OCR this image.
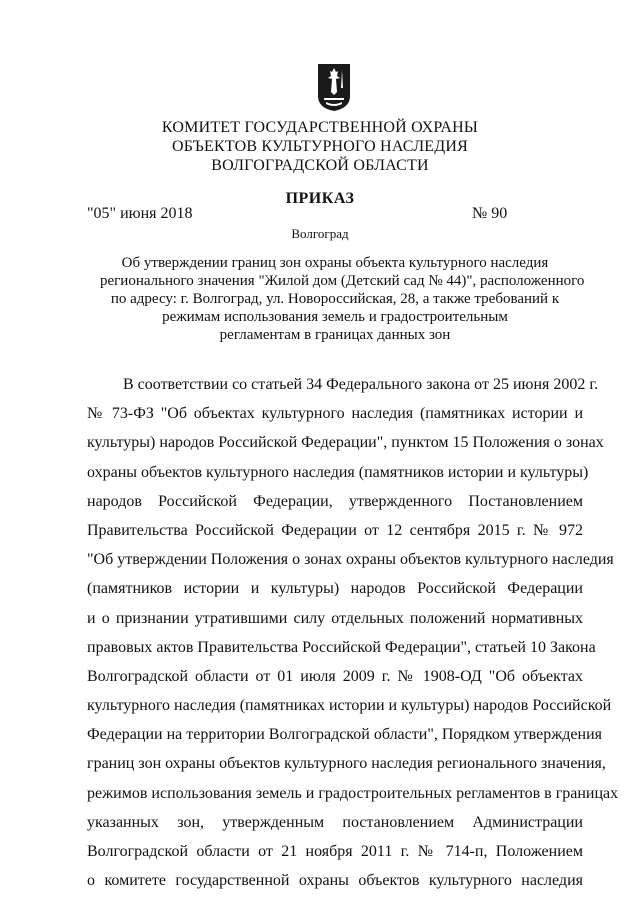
КОМИТЕТ ГОСУДАРСТВЕННОЙ ОХРАНЫ
ОБЪЕКТОВ КУЛЬТУРНОГО НАСЛЕДИЯ
ВОЛГОГРАДСКОЙ ОБЛАСТИ
ПРИКАЗ
"05" июня 2018	№ 90
Волгоград
Об утверждении границ зон охраны объекта культурного наследия
регионального значения "Жилой дом (Детский сад № 44)", расположенного
по адресу: г. Волгоград, ул. Новороссийская, 28, а также требований к
режимам использования земель и градостроительным
регламентам в границах данных зон
В соответствии со статьей 34 Федерального закона от 25 июня 2002 г.
№ 73-ФЗ "Об объектах культурного наследия (памятниках истории и
культуры) народов Российской Федерации", пунктом 15 Положения о зонах
охраны объектов культурного наследия (памятников истории и культуры)
народов Российской Федерации, утвержденного Постановлением
Правительства Российской Федерации от 12 сентября 2015 г. № 972
"Об утверждении Положения о зонах охраны объектов культурного наследия
(памятников истории и культуры) народов Российской Федерации
и о признании утратившими силу отдельных положений нормативных
правовых актов Правительства Российской Федерации", статьей 10 Закона
Волгоградской области от 01 июля 2009 г. № 1908-ОД "Об объектах
культурного наследия (памятниках истории и культуры) народов Российской
Федерации на территории Волгоградской области", Порядком утверждения
границ зон охраны объектов культурного наследия регионального значения,
режимов использования земель и градостроительных регламентов в границах
указанных зон, утвержденным постановлением Администрации
Волгоградской области от 21 ноября 2011 г. № 714-п, Положением
о комитете государственной охраны объектов культурного наследия
